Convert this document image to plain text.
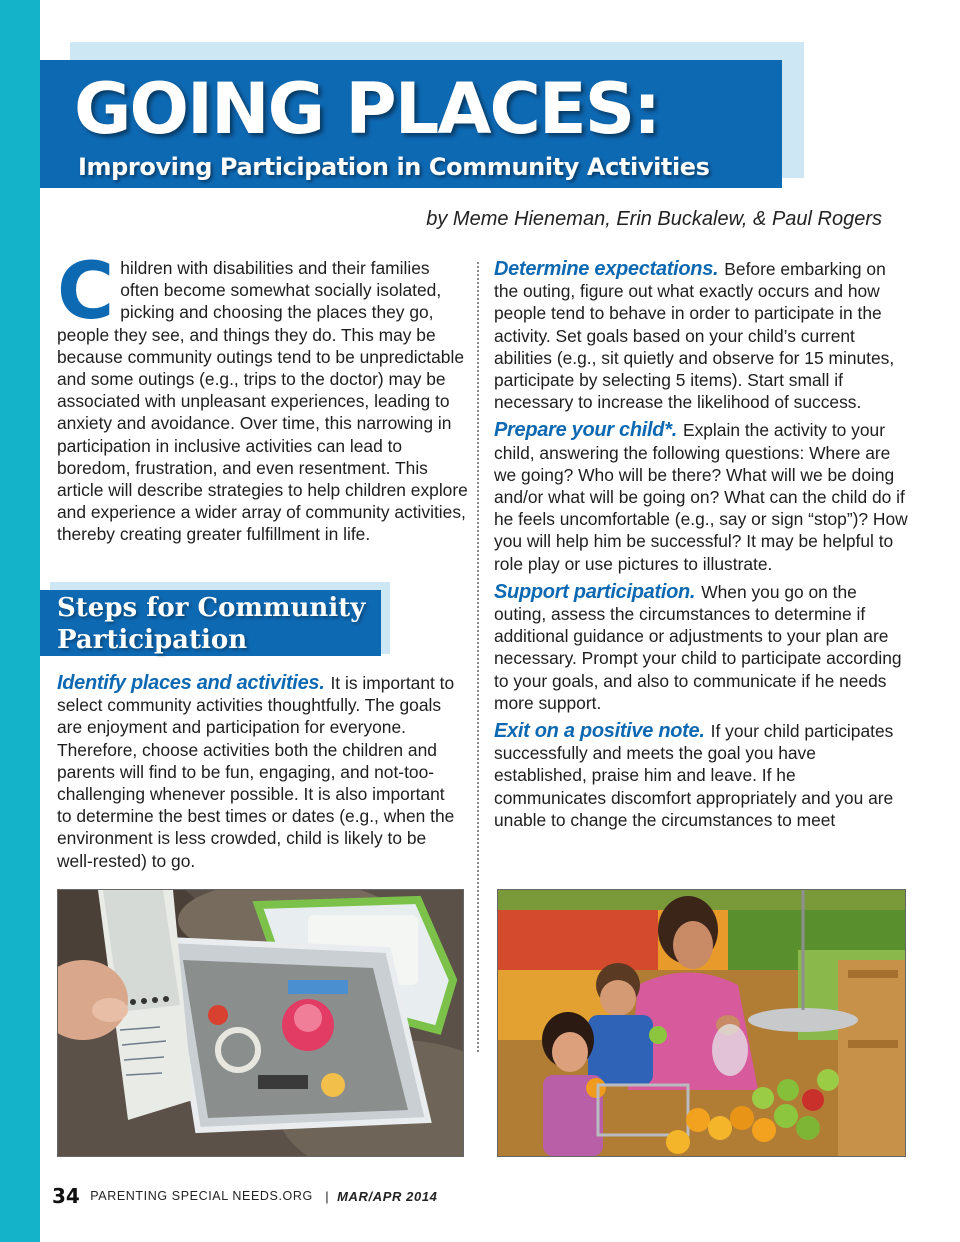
GOING PLACES:
Improving Participation in Community Activities

by Meme Hieneman, Erin Buckalew, & Paul Rogers

Children with disabilities and their families often become somewhat socially isolated, picking and choosing the places they go, people they see, and things they do. This may be because community outings tend to be unpredictable and some outings (e.g., trips to the doctor) may be associated with unpleasant experiences, leading to anxiety and avoidance. Over time, this narrowing in participation in inclusive activities can lead to boredom, frustration, and even resentment. This article will describe strategies to help children explore and experience a wider array of community activities, thereby creating greater fulfillment in life.

Steps for Community Participation

Identify places and activities. It is important to select community activities thoughtfully. The goals are enjoyment and participation for everyone. Therefore, choose activities both the children and parents will find to be fun, engaging, and not-too-challenging whenever possible. It is also important to determine the best times or dates (e.g., when the environment is less crowded, child is likely to be well-rested) to go.

Determine expectations. Before embarking on the outing, figure out what exactly occurs and how people tend to behave in order to participate in the activity. Set goals based on your child’s current abilities (e.g., sit quietly and observe for 15 minutes, participate by selecting 5 items). Start small if necessary to increase the likelihood of success.

Prepare your child*. Explain the activity to your child, answering the following questions: Where are we going? Who will be there? What will we be doing and/or what will be going on? What can the child do if he feels uncomfortable (e.g., say or sign “stop”)? How you will help him be successful? It may be helpful to role play or use pictures to illustrate.

Support participation. When you go on the outing, assess the circumstances to determine if additional guidance or adjustments to your plan are necessary. Prompt your child to participate according to your goals, and also to communicate if he needs more support.

Exit on a positive note. If your child participates successfully and meets the goal you have established, praise him and leave. If he communicates discomfort appropriately and you are unable to change the circumstances to meet

34 PARENTING SPECIAL NEEDS.ORG | MAR/APR 2014
